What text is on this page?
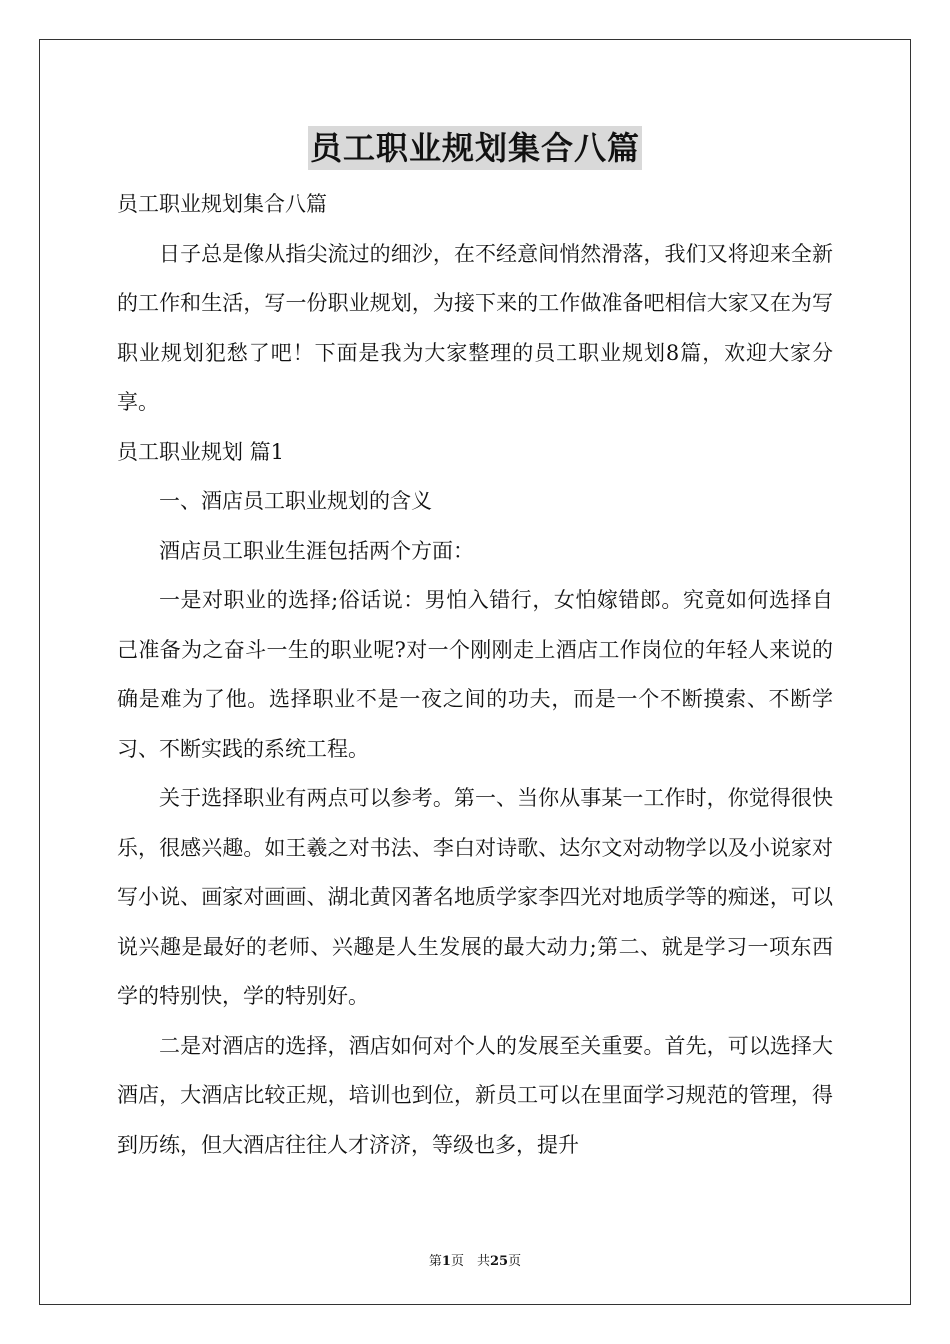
员工职业规划集合八篇

员工职业规划集合八篇

日子总是像从指尖流过的细沙，在不经意间悄然滑落，我们又将迎来全新的工作和生活，写一份职业规划，为接下来的工作做准备吧相信大家又在为写职业规划犯愁了吧！下面是我为大家整理的员工职业规划8篇，欢迎大家分享。

员工职业规划 篇1

一、酒店员工职业规划的含义

酒店员工职业生涯包括两个方面：

一是对职业的选择;俗话说：男怕入错行，女怕嫁错郎。究竟如何选择自己准备为之奋斗一生的职业呢?对一个刚刚走上酒店工作岗位的年轻人来说的确是难为了他。选择职业不是一夜之间的功夫，而是一个不断摸索、不断学习、不断实践的系统工程。

关于选择职业有两点可以参考。第一、当你从事某一工作时，你觉得很快乐，很感兴趣。如王羲之对书法、李白对诗歌、达尔文对动物学以及小说家对写小说、画家对画画、湖北黄冈著名地质学家李四光对地质学等的痴迷，可以说兴趣是最好的老师、兴趣是人生发展的最大动力;第二、就是学习一项东西学的特别快，学的特别好。

二是对酒店的选择，酒店如何对个人的发展至关重要。首先，可以选择大酒店，大酒店比较正规，培训也到位，新员工可以在里面学习规范的管理，得到历练，但大酒店往往人才济济，等级也多，提升

第1页　共25页
